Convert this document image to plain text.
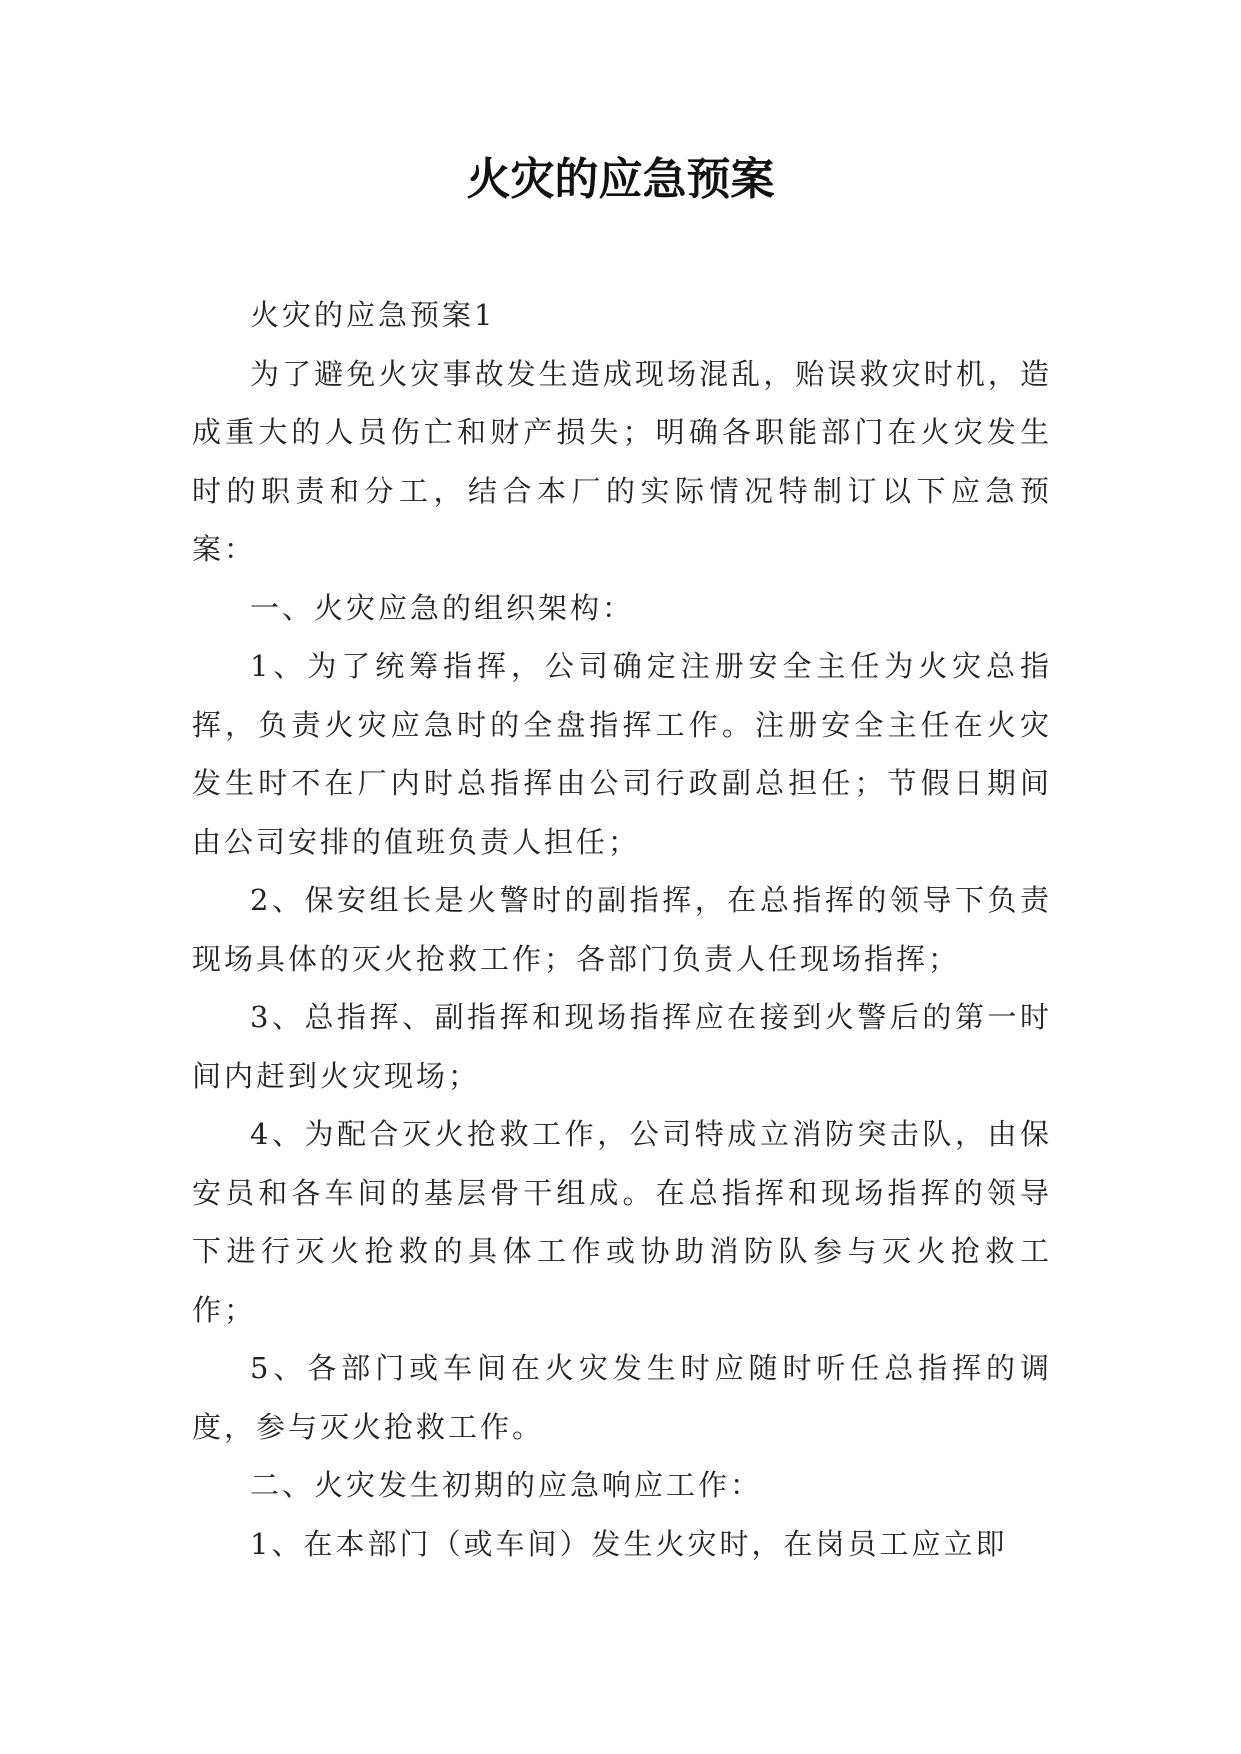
火灾的应急预案

火灾的应急预案1

为了避免火灾事故发生造成现场混乱，贻误救灾时机，造成重大的人员伤亡和财产损失；明确各职能部门在火灾发生时的职责和分工，结合本厂的实际情况特制订以下应急预案：

一、火灾应急的组织架构：

1、为了统筹指挥，公司确定注册安全主任为火灾总指挥，负责火灾应急时的全盘指挥工作。注册安全主任在火灾发生时不在厂内时总指挥由公司行政副总担任；节假日期间由公司安排的值班负责人担任；

2、保安组长是火警时的副指挥，在总指挥的领导下负责现场具体的灭火抢救工作；各部门负责人任现场指挥；

3、总指挥、副指挥和现场指挥应在接到火警后的第一时间内赶到火灾现场；

4、为配合灭火抢救工作，公司特成立消防突击队，由保安员和各车间的基层骨干组成。在总指挥和现场指挥的领导下进行灭火抢救的具体工作或协助消防队参与灭火抢救工作；

5、各部门或车间在火灾发生时应随时听任总指挥的调度，参与灭火抢救工作。

二、火灾发生初期的应急响应工作：

1、在本部门（或车间）发生火灾时，在岗员工应立即
